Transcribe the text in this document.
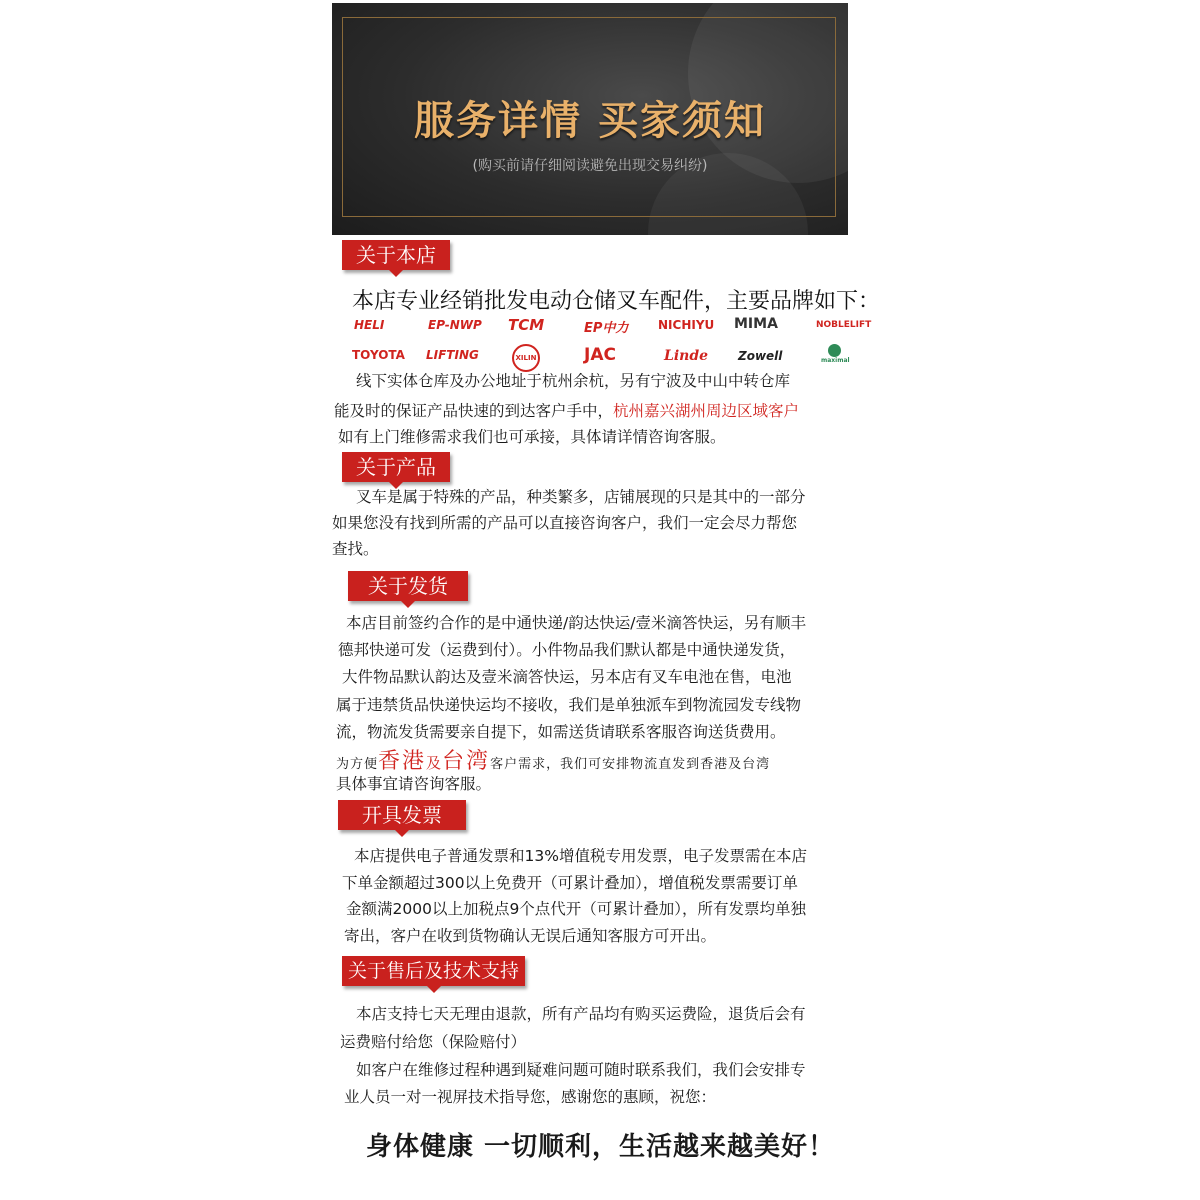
服务详情 买家须知
(购买前请仔细阅读避免出现交易纠纷)
关于本店
本店专业经销批发电动仓储叉车配件，主要品牌如下：
HELI	EP-NWP TCM	EP中力 NICHIYU MIMA	NOBLELIFT
TOYOTA LIFTING	XILIN	JAC	Linde Zowell	maximal
线下实体仓库及办公地址于杭州余杭，另有宁波及中山中转仓库
能及时的保证产品快速的到达客户手中，杭州嘉兴湖州周边区域客户
如有上门维修需求我们也可承接，具体请详情咨询客服。
关于产品
叉车是属于特殊的产品，种类繁多，店铺展现的只是其中的一部分
如果您没有找到所需的产品可以直接咨询客户，我们一定会尽力帮您
查找。
关于发货
本店目前签约合作的是中通快递/韵达快运/壹米滴答快运，另有顺丰
德邦快递可发（运费到付）。小件物品我们默认都是中通快递发货，
大件物品默认韵达及壹米滴答快运，另本店有叉车电池在售，电池
属于违禁货品快递快运均不接收，我们是单独派车到物流园发专线物
流，物流发货需要亲自提下，如需送货请联系客服咨询送货费用。
为方便香港及台湾客户需求，我们可安排物流直发到香港及台湾
具体事宜请咨询客服。
开具发票
本店提供电子普通发票和13%增值税专用发票，电子发票需在本店
下单金额超过300以上免费开（可累计叠加），增值税发票需要订单
金额满2000以上加税点9个点代开（可累计叠加），所有发票均单独
寄出，客户在收到货物确认无误后通知客服方可开出。
关于售后及技术支持
本店支持七天无理由退款，所有产品均有购买运费险，退货后会有
运费赔付给您（保险赔付）
如客户在维修过程种遇到疑难问题可随时联系我们，我们会安排专
业人员一对一视屏技术指导您，感谢您的惠顾，祝您：
身体健康 一切顺利，生活越来越美好！
